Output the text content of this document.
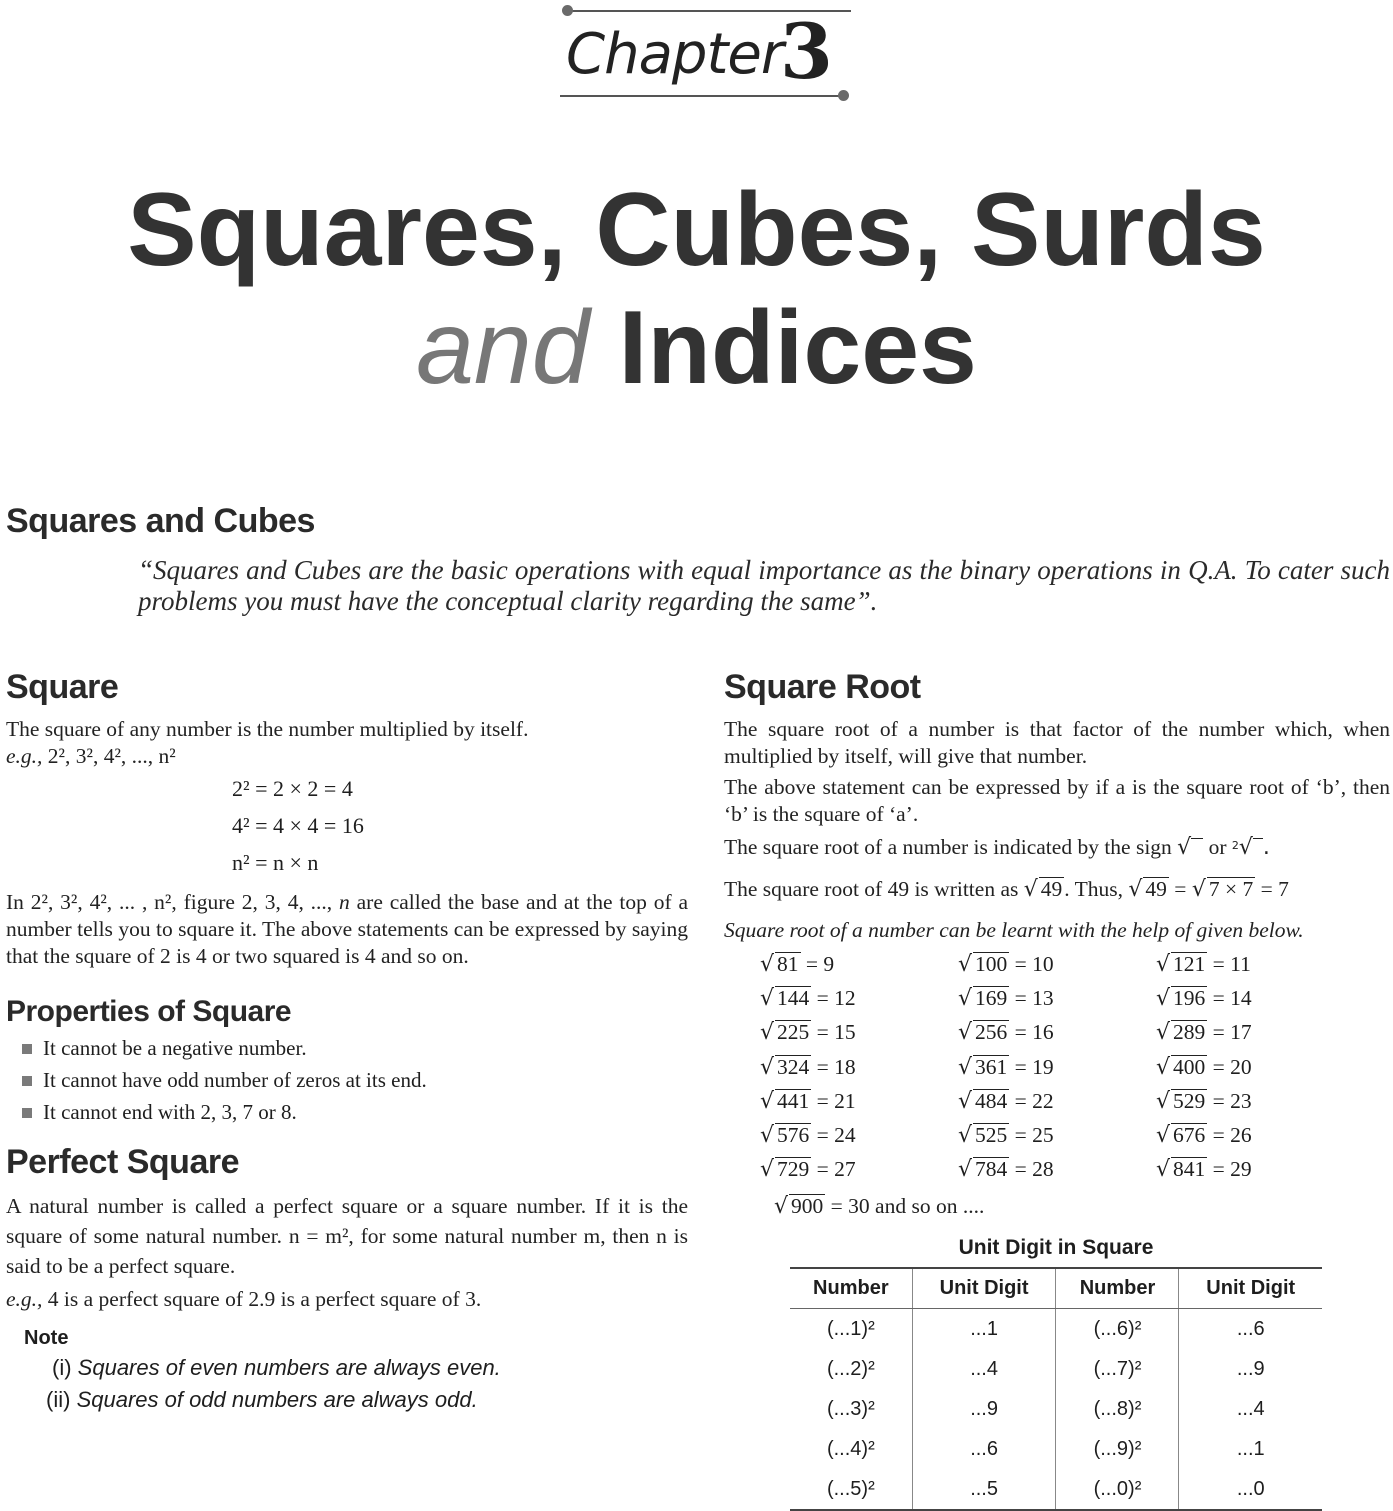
Chapter
3
Squares, Cubes, Surds
and Indices
Squares and Cubes
“Squares and Cubes are the basic operations with equal importance as the binary operations in Q.A. To cater such problems you must have the conceptual clarity regarding the same”.
Square
The square of any number is the number multiplied by itself.
e.g., 2², 3², 4², ..., n²
2² = 2 × 2 = 4
4² = 4 × 4 = 16
n² = n × n
In 2², 3², 4², ... , n², figure 2, 3, 4, ..., n are called the base and at the top of a number tells you to square it. The above statements can be expressed by saying that the square of 2 is 4 or two squared is 4 and so on.
Properties of Square
It cannot be a negative number.
It cannot have odd number of zeros at its end.
It cannot end with 2, 3, 7 or 8.
Perfect Square
A natural number is called a perfect square or a square number. If it is the square of some natural number. n = m², for some natural number m, then n is said to be a perfect square.
e.g., 4 is a perfect square of 2.9 is a perfect square of 3.
Note
(i) Squares of even numbers are always even.
(ii) Squares of odd numbers are always odd.
Square Root
The square root of a number is that factor of the number which, when multiplied by itself, will give that number.
The above statement can be expressed by if a is the square root of ‘b’, then ‘b’ is the square of ‘a’.
The square root of a number is indicated by the sign √ or $^2$√ .
The square root of 49 is written as √ 49. Thus, √ 49 = √ 7 × 7 = 7
Square root of a number can be learnt with the help of given below.
√ 81 = 9	√ 100 = 10	√ 121 = 11
√ 144 = 12	√ 169 = 13	√ 196 = 14
√ 225 = 15	√ 256 = 16	√ 289 = 17
√ 324 = 18	√ 361 = 19	√ 400 = 20
√ 441 = 21	√ 484 = 22	√ 529 = 23
√ 576 = 24	√ 525 = 25	√ 676 = 26
√ 729 = 27	√ 784 = 28	√ 841 = 29
√ 900 = 30 and so on ....
Unit Digit in Square
Number	Unit Digit	Number	Unit Digit
(...1)²	...1	(...6)²	...6
(...2)²	...4	(...7)²	...9
(...3)²	...9	(...8)²	...4
(...4)²	...6	(...9)²	...1
(...5)²	...5	(...0)²	...0
